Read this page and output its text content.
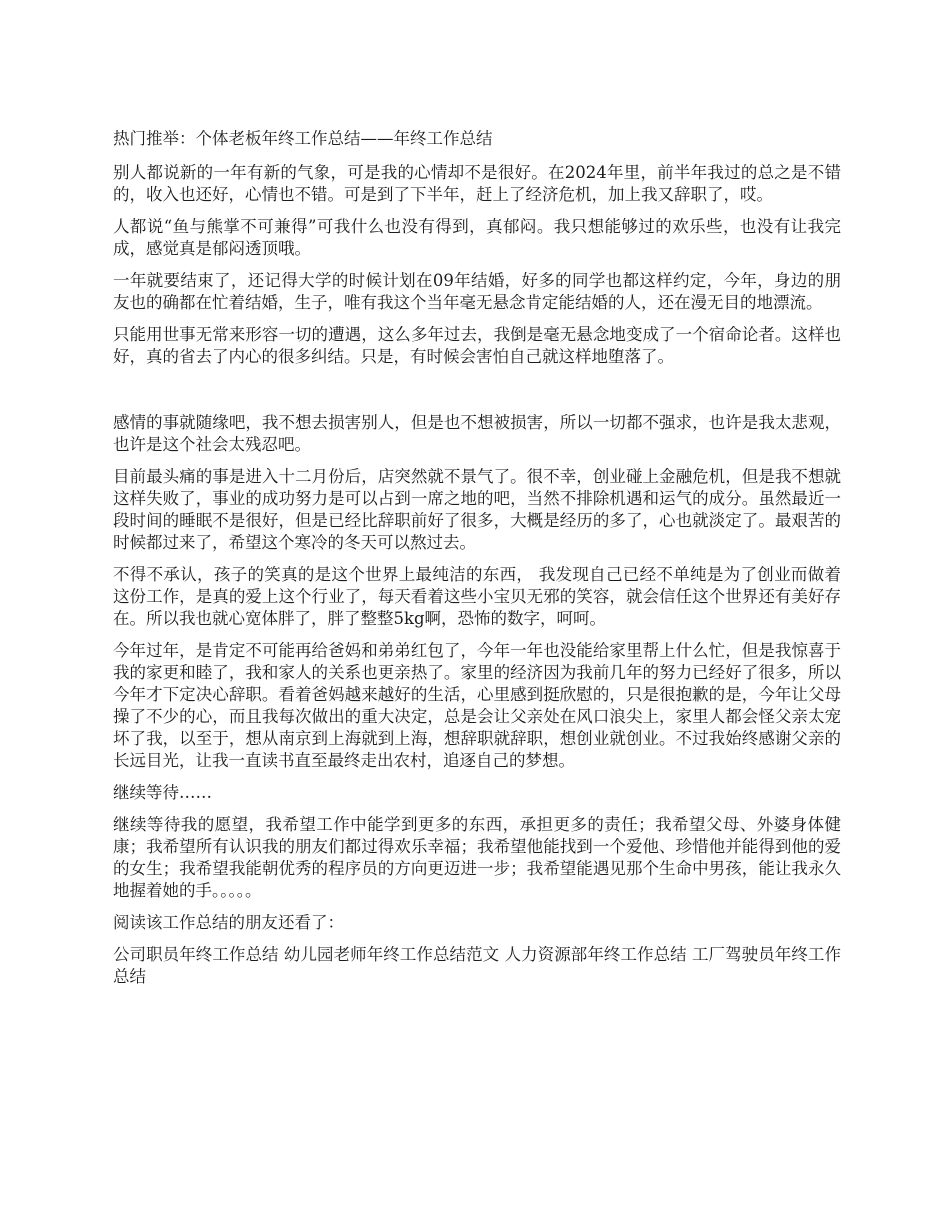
热门推举：个体老板年终工作总结——年终工作总结

别人都说新的一年有新的气象，可是我的心情却不是很好。在2024年里，前半年我过的总之是不错的，收入也还好，心情也不错。可是到了下半年，赶上了经济危机，加上我又辞职了，哎。

人都说“鱼与熊掌不可兼得”可我什么也没有得到，真郁闷。我只想能够过的欢乐些，也没有让我完成，感觉真是郁闷透顶哦。

一年就要结束了，还记得大学的时候计划在09年结婚，好多的同学也都这样约定，今年，身边的朋友也的确都在忙着结婚，生子，唯有我这个当年毫无悬念肯定能结婚的人，还在漫无目的地漂流。

只能用世事无常来形容一切的遭遇，这么多年过去，我倒是毫无悬念地变成了一个宿命论者。这样也好，真的省去了内心的很多纠结。只是，有时候会害怕自己就这样地堕落了。

感情的事就随缘吧，我不想去损害别人，但是也不想被损害，所以一切都不强求，也许是我太悲观，也许是这个社会太残忍吧。

目前最头痛的事是进入十二月份后，店突然就不景气了。很不幸，创业碰上金融危机，但是我不想就这样失败了，事业的成功努力是可以占到一席之地的吧，当然不排除机遇和运气的成分。虽然最近一段时间的睡眠不是很好，但是已经比辞职前好了很多，大概是经历的多了，心也就淡定了。最艰苦的时候都过来了，希望这个寒冷的冬天可以熬过去。

不得不承认，孩子的笑真的是这个世界上最纯洁的东西， 我发现自己已经不单纯是为了创业而做着这份工作，是真的爱上这个行业了，每天看着这些小宝贝无邪的笑容，就会信任这个世界还有美好存在。所以我也就心宽体胖了，胖了整整5kg啊，恐怖的数字，呵呵。

今年过年，是肯定不可能再给爸妈和弟弟红包了，今年一年也没能给家里帮上什么忙，但是我惊喜于我的家更和睦了，我和家人的关系也更亲热了。家里的经济因为我前几年的努力已经好了很多，所以今年才下定决心辞职。看着爸妈越来越好的生活，心里感到挺欣慰的，只是很抱歉的是，今年让父母操了不少的心，而且我每次做出的重大决定，总是会让父亲处在风口浪尖上，家里人都会怪父亲太宠坏了我，以至于，想从南京到上海就到上海，想辞职就辞职，想创业就创业。不过我始终感谢父亲的长远目光，让我一直读书直至最终走出农村，追逐自己的梦想。

继续等待……

继续等待我的愿望，我希望工作中能学到更多的东西，承担更多的责任；我希望父母、外婆身体健康；我希望所有认识我的朋友们都过得欢乐幸福；我希望他能找到一个爱他、珍惜他并能得到他的爱的女生；我希望我能朝优秀的程序员的方向更迈进一步；我希望能遇见那个生命中男孩，能让我永久地握着她的手。。。。。

阅读该工作总结的朋友还看了：

公司职员年终工作总结 幼儿园老师年终工作总结范文 人力资源部年终工作总结 工厂驾驶员年终工作总结
